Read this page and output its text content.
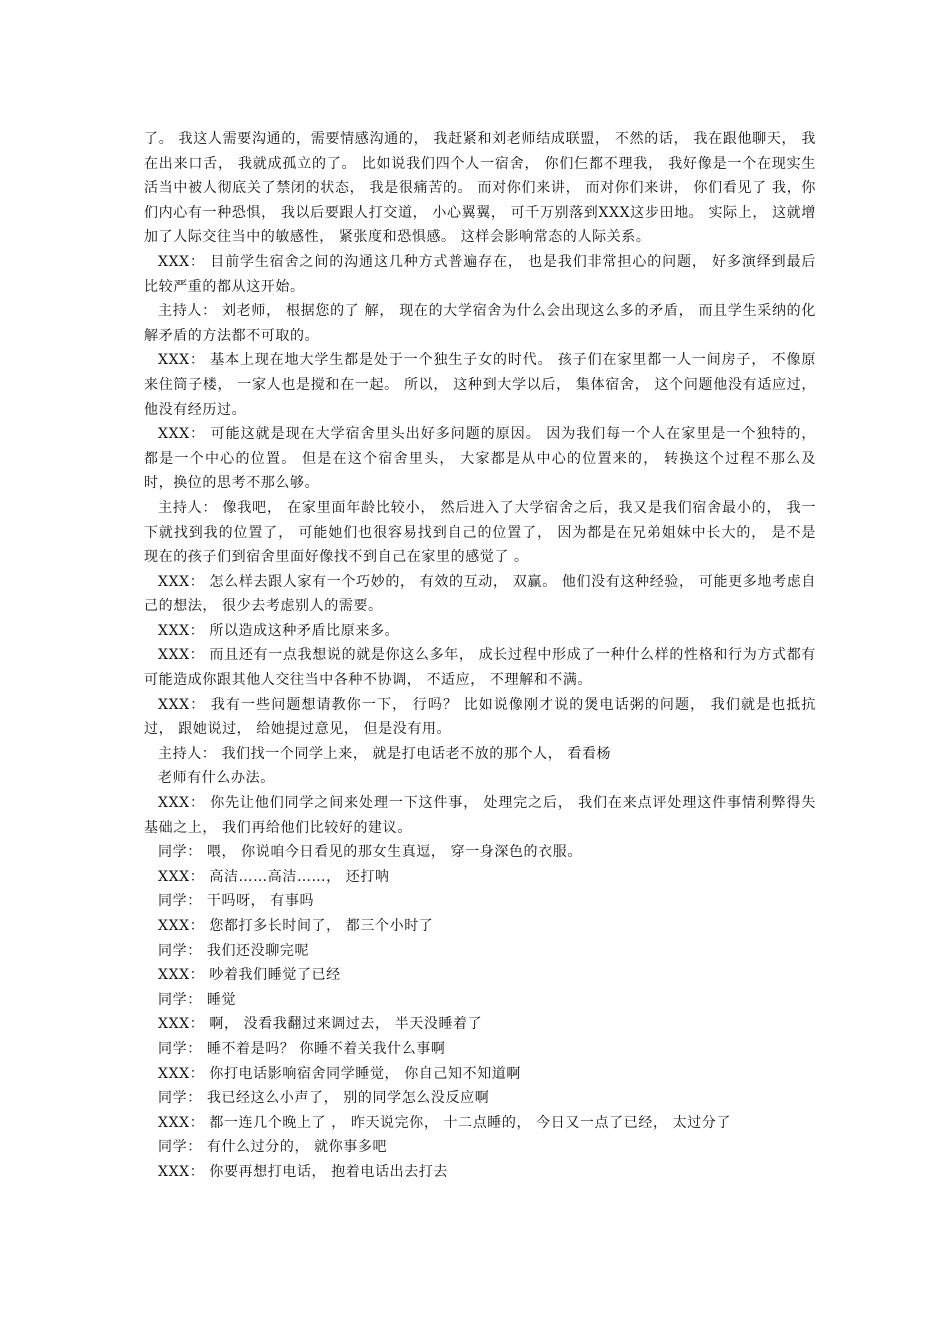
了。 我这人需要沟通的，需要情感沟通的， 我赶紧和刘老师结成联盟， 不然的话， 我在跟他聊天， 我在出来口舌， 我就成孤立的了。 比如说我们四个人一宿舍， 你们仨都不理我， 我好像是一个在现实生活当中被人彻底关了禁闭的状态， 我是很痛苦的。 而对你们来讲， 而对你们来讲， 你们看见了 我，你们内心有一种恐惧， 我以后要跟人打交道， 小心翼翼， 可千万别落到XXX这步田地。 实际上， 这就增加了人际交往当中的敏感性， 紧张度和恐惧感。 这样会影响常态的人际关系。

XXX： 目前学生宿舍之间的沟通这几种方式普遍存在， 也是我们非常担心的问题， 好多演绎到最后比较严重的都从这开始。

主持人： 刘老师， 根据您的了 解， 现在的大学宿舍为什么会出现这么多的矛盾， 而且学生采纳的化解矛盾的方法都不可取的。

XXX： 基本上现在地大学生都是处于一个独生子女的时代。 孩子们在家里都一人一间房子， 不像原来住筒子楼， 一家人也是搅和在一起。 所以， 这种到大学以后， 集体宿舍， 这个问题他没有适应过，他没有经历过。

XXX： 可能这就是现在大学宿舍里头出好多问题的原因。 因为我们每一个人在家里是一个独特的， 都是一个中心的位置。 但是在这个宿舍里头， 大家都是从中心的位置来的， 转换这个过程不那么及时，换位的思考不那么够。

主持人： 像我吧， 在家里面年龄比较小， 然后进入了大学宿舍之后，我又是我们宿舍最小的， 我一下就找到我的位置了， 可能她们也很容易找到自己的位置了， 因为都是在兄弟姐妹中长大的， 是不是现在的孩子们到宿舍里面好像找不到自己在家里的感觉了 。

XXX： 怎么样去跟人家有一个巧妙的， 有效的互动， 双赢。 他们没有这种经验， 可能更多地考虑自己的想法， 很少去考虑别人的需要。

XXX： 所以造成这种矛盾比原来多。

XXX： 而且还有一点我想说的就是你这么多年， 成长过程中形成了一种什么样的性格和行为方式都有可能造成你跟其他人交往当中各种不协调， 不适应， 不理解和不满。

XXX： 我有一些问题想请教你一下， 行吗？ 比如说像刚才说的煲电话粥的问题， 我们就是也抵抗过， 跟她说过， 给她提过意见， 但是没有用。

主持人： 我们找一个同学上来， 就是打电话老不放的那个人， 看看杨

老师有什么办法。

XXX： 你先让他们同学之间来处理一下这件事， 处理完之后， 我们在来点评处理这件事情利弊得失基础之上， 我们再给他们比较好的建议。

同学： 喂， 你说咱今日看见的那女生真逗， 穿一身深色的衣服。

XXX： 高洁……高洁……， 还打呐

同学： 干吗呀， 有事吗

XXX： 您都打多长时间了， 都三个小时了

同学： 我们还没聊完呢

XXX： 吵着我们睡觉了已经

同学： 睡觉

XXX： 啊， 没看我翻过来调过去， 半天没睡着了

同学： 睡不着是吗？ 你睡不着关我什么事啊

XXX： 你打电话影响宿舍同学睡觉， 你自己知不知道啊

同学： 我已经这么小声了， 别的同学怎么没反应啊

XXX： 都一连几个晚上了 ， 昨天说完你， 十二点睡的， 今日又一点了已经， 太过分了

同学： 有什么过分的， 就你事多吧

XXX： 你要再想打电话， 抱着电话出去打去
